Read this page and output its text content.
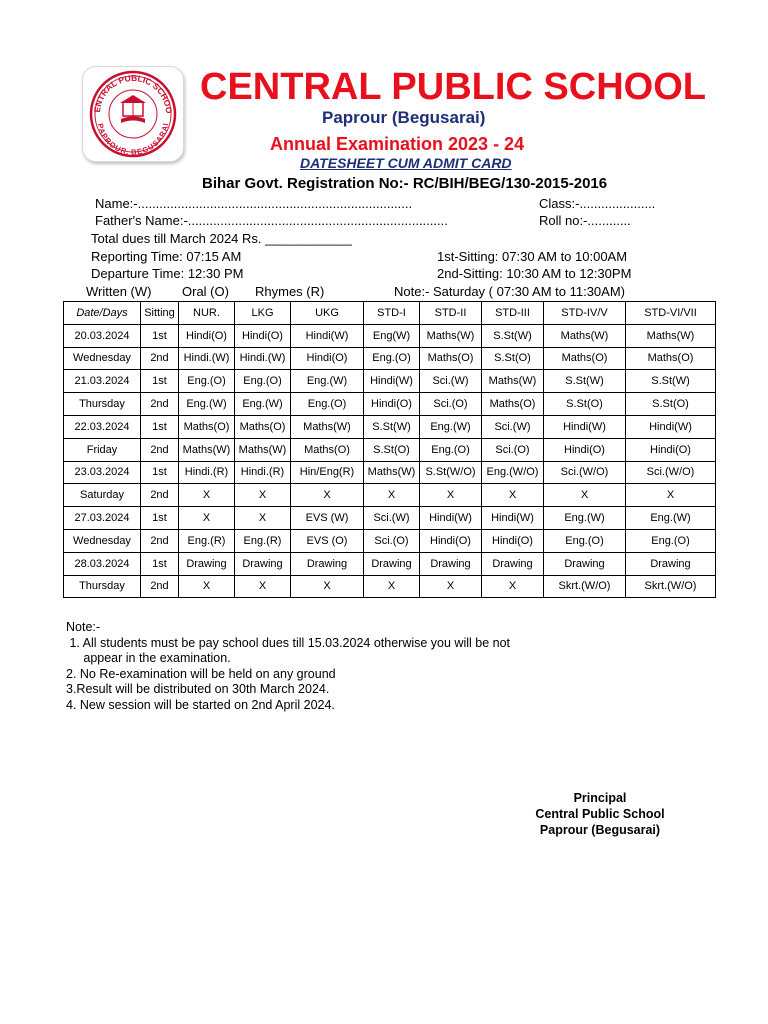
ENTRAL PUBLIC SCHOO
PAPROUR, BEGUSARAI
CENTRAL PUBLIC SCHOOL
Paprour (Begusarai)
Annual Examination 2023 - 24
DATESHEET CUM ADMIT CARD
Bihar Govt. Registration No:- RC/BIH/BEG/130-2015-2016
Name:-............................................................................	Class:-.....................
Father's Name:-........................................................................	Roll no:-............
Total dues till March 2024 Rs. ____________
Reporting Time: 07:15 AM	1st-Sitting: 07:30 AM to 10:00AM
Departure Time: 12:30 PM	2nd-Sitting: 10:30 AM to 12:30PM
Written (W) Oral (O) Rhymes (R)	Note:- Saturday ( 07:30 AM to 11:30AM)
Date/Days	Sitting	NUR.	LKG	UKG	STD-I	STD-II	STD-III	STD-IV/V	STD-VI/VII
20.03.2024	1st	Hindi(O)	Hindi(O)	Hindi(W)	Eng(W)	Maths(W)	S.St(W)	Maths(W)	Maths(W)
Wednesday	2nd	Hindi.(W)	Hindi.(W)	Hindi(O)	Eng.(O)	Maths(O)	S.St(O)	Maths(O)	Maths(O)
21.03.2024	1st	Eng.(O)	Eng.(O)	Eng.(W)	Hindi(W)	Sci.(W)	Maths(W)	S.St(W)	S.St(W)
Thursday	2nd	Eng.(W)	Eng.(W)	Eng.(O)	Hindi(O)	Sci.(O)	Maths(O)	S.St(O)	S.St(O)
22.03.2024	1st	Maths(O)	Maths(O)	Maths(W)	S.St(W)	Eng.(W)	Sci.(W)	Hindi(W)	Hindi(W)
Friday	2nd	Maths(W)	Maths(W)	Maths(O)	S.St(O)	Eng.(O)	Sci.(O)	Hindi(O)	Hindi(O)
23.03.2024	1st	Hindi.(R)	Hindi.(R)	Hin/Eng(R)	Maths(W)	S.St(W/O)	Eng.(W/O)	Sci.(W/O)	Sci.(W/O)
Saturday	2nd	X	X	X	X	X	X	X	X
27.03.2024	1st	X	X	EVS (W)	Sci.(W)	Hindi(W)	Hindi(W)	Eng.(W)	Eng.(W)
Wednesday	2nd	Eng.(R)	Eng.(R)	EVS (O)	Sci.(O)	Hindi(O)	Hindi(O)	Eng.(O)	Eng.(O)
28.03.2024	1st	Drawing	Drawing	Drawing	Drawing	Drawing	Drawing	Drawing	Drawing
Thursday	2nd	X	X	X	X	X	X	Skrt.(W/O)	Skrt.(W/O)
Note:-
1. All students must be pay school dues till 15.03.2024 otherwise you will be not
appear in the examination.
2. No Re-examination will be held on any ground
3.Result will be distributed on 30th March 2024.
4. New session will be started on 2nd April 2024.
Principal
Central Public School
Paprour (Begusarai)
